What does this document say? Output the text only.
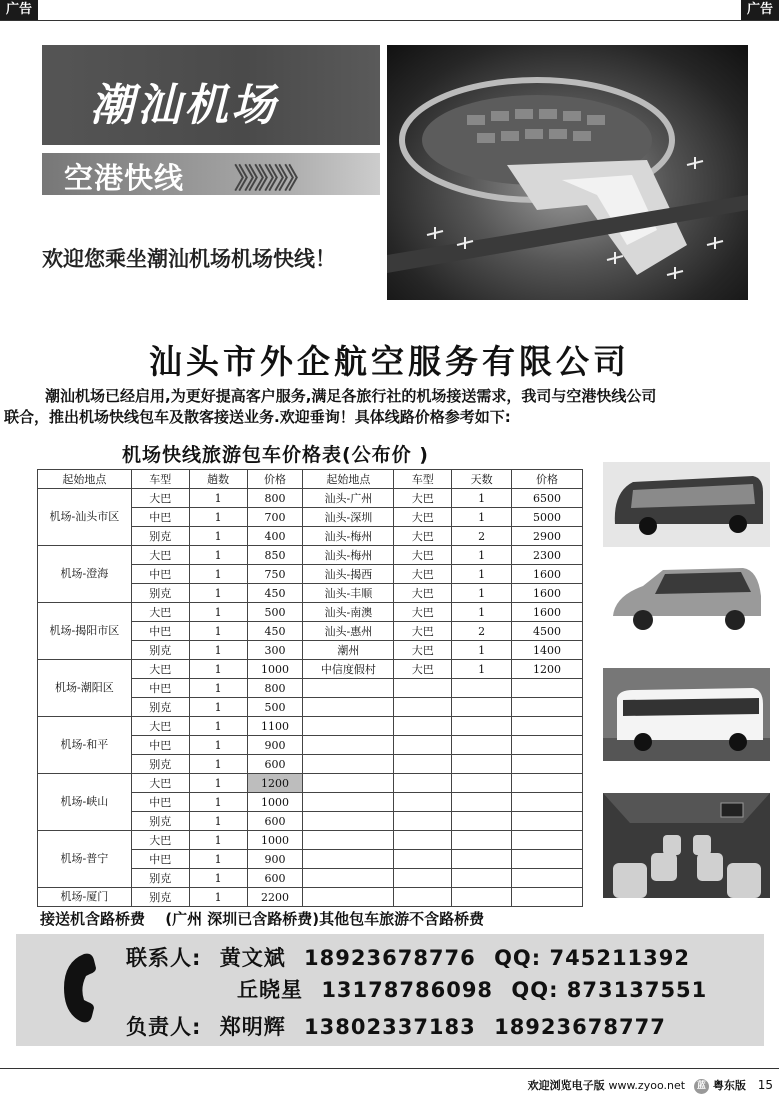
广告	广告
潮汕机场
空港快线 》》》》》》
欢迎您乘坐潮汕机场机场快线！
汕头市外企航空服务有限公司
潮汕机场已经启用,为更好提高客户服务,满足各旅行社的机场接送需求，我司与空港快线公司
联合，推出机场快线包车及散客接送业务.欢迎垂询！具体线路价格参考如下:
机场快线旅游包车价格表(公布价 )
起始地点	车型	趟数	价格	起始地点	车型	天数	价格
机场-汕头市区	大巴	1	800	汕头-广州	大巴	1	6500
	中巴	1	700	汕头-深圳	大巴	1	5000
	别克	1	400	汕头-梅州	大巴	2	2900
机场-澄海	大巴	1	850	汕头-梅州	大巴	1	2300
	中巴	1	750	汕头-揭西	大巴	1	1600
	别克	1	450	汕头-丰顺	大巴	1	1600
机场-揭阳市区	大巴	1	500	汕头-南澳	大巴	1	1600
	中巴	1	450	汕头-惠州	大巴	2	4500
	别克	1	300	潮州	大巴	1	1400
机场-潮阳区	大巴	1	1000	中信度假村	大巴	1	1200
	中巴	1	800				
	别克	1	500				
机场-和平	大巴	1	1100				
	中巴	1	900				
	别克	1	600				
机场-峡山	大巴	1	1200				
	中巴	1	1000				
	别克	1	600				
机场-普宁	大巴	1	1000				
	中巴	1	900				
	别克	1	600				
机场-厦门	别克	1	2200				
接送机含路桥费　 (广州 深圳已含路桥费)其他包车旅游不含路桥费
联系人: 黄文斌 18923678776 QQ: 745211392
丘晓星 13178786098 QQ: 873137551
负责人: 郑明辉 13802337183 18923678777
欢迎浏览电子版 www.zyoo.net 蓝 粤东版 15
